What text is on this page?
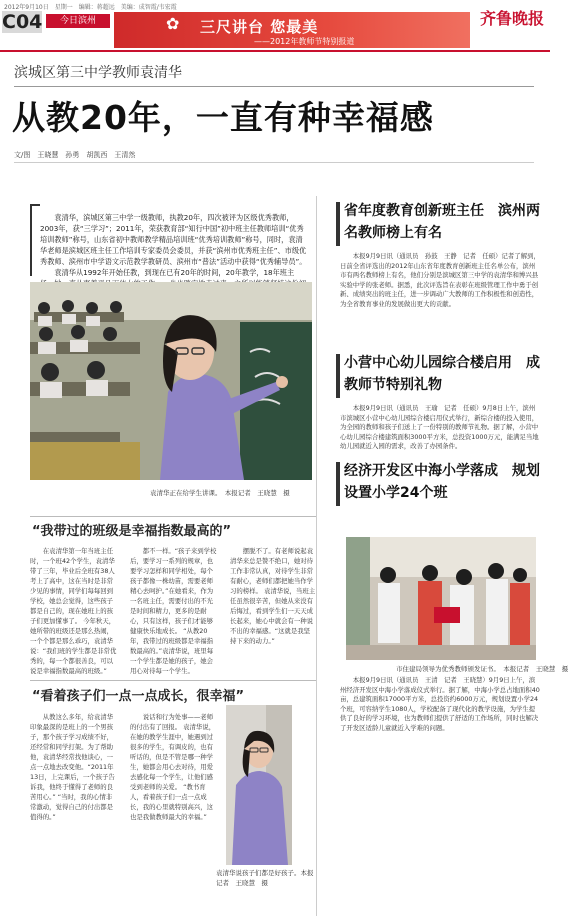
2012年9月10日　星期一　编辑：蒋超远　美编：成智霞/韦宏霞
C04	今日滨州	✿ 三尺讲台 您最美
——2012年教师节特别报道
齐鲁晚报
滨城区第三中学教师袁清华
从教20年，一直有种幸福感
文/图　王晓慧　孙勇　胡凯西　王清然

袁清华，滨城区第三中学一级教师，执教20年，四次被评为区级优秀教师，2003年，获“三学习”；2011年，荣获教育部“知行中国”初中班主任教师培训“优秀培训教师”称号，山东省初中教师教学精品培训班“优秀培训教师”称号，同时，袁清华老师是滨城区班主任工作培训专家委员会委员，并获“滨州市优秀班主任”、市级优秀教师、滨州市中学语文示范教学教研员、滨州市“普法”活动中获得“优秀辅导员”。

袁清华从1992年开始任教，到现在已有20年的时间，20年教学，18年班主

袁清华正在给学生讲课。　本报记者　王晓慧　摄
“我带过的班级是幸福指数最高的”

在袁清华第一年当班主任时，一个班42个学生，袁清华带了三年，毕业后全班有38人考上了高中，这在当时是非常少见的事情，同学们每每回到学校，她总会觉得，这些孩子都是自己的，现在她班上的孩子们更加懂事了。 今年秋天，她所带的班级还是那么热闹，一个个都是那么乖巧，袁清华说：“我们班的学生都是非常优秀的，每一个都很善良，可以说是幸福指数最高的班级。”

都不一样。“孩子来到学校后，要学习一系列的规章，也要学习怎样和同学相处，每个孩子都像一株幼苗，需要老师精心去呵护。”在她看来，作为一名班主任，需要付出的不光是时间和精力，更多的是耐心，只有这样，孩子们才能够健康快乐地成长。 “从教20年，我带过的班级都是幸福指数最高的。”袁清华说，班里每一个学生都是她的孩子，她会用心对待每一个学生。

摆脱不了。有老师说起袁清华来总是赞不绝口，她对待工作非常认真，对待学生非常有耐心，老师们都把她当作学习的榜样。 袁清华说，当班主任虽然很辛苦，但她从来没有后悔过，看到学生们一天天成长起来，她心中就会有一种说不出的幸福感。“这就是我坚持下来的动力。”

“看着孩子们一点一点成长，很幸福”

从教这么多年，给袁清华印象最深的是班上的一个男孩子，那个孩子学习成绩不好，还经常和同学打架。为了帮助他，袁清华经常找他谈心，一点一点地去改变他。“2011年13日，上完课后，一个孩子告诉我，他终于懂得了老师的良苦用心。” “当时，我的心情非常激动，觉得自己的付出都是值得的。”

说话和行为处事——老师的付出有了回报。 袁清华说，在她的教学生涯中，她遇到过很多的学生，有调皮的，也有听话的，但是不管是哪一种学生，她都会用心去对待，用爱去感化每一个学生，让他们感受到老师的关爱。 “教书育人，看着孩子们一点一点成长，我的心里就特别高兴，这也是我做教师最大的幸福。”

袁清华说孩子们都是好孩子。本报记者　王晓慧　摄
省年度教育创新班主任　滨州两名教师榜上有名

本报9月9日讯（通讯员　孙鼓　王静　记者　任硕）记者了解到，日前全省评选出的2012年山东省年度教育创新班主任名单公布，滨州市有两名教师榜上有名，他们分别是滨城区第三中学的袁清华和博兴县实验中学的张老师。据悉，此次评选旨在表彰在班级管理工作中勇于创新、成绩突出的班主任，进一步调动广大教师的工作积极性和创造性，为全省教育事业的发展做出更大的贡献。

小营中心幼儿园综合楼启用　成教师节特别礼物

本报9月9日讯（通讯员　王瑜　记者　任硕）9月8日上午，滨州市滨城区小营中心幼儿园综合楼启用仪式举行，新综合楼的投入使用，为全园的教师和孩子们送上了一份特别的教师节礼物。据了解，小营中心幼儿园综合楼建筑面积3000平方米，总投资1000万元，能满足当地幼儿园就近入园的需求，改善了办园条件。

经济开发区中海小学落成　规划设置小学24个班
市住建局领导为优秀教师颁发证书。　本报记者　王晓慧　摄

本报9月9日讯（通讯员　王清　记者　王晓慧）9月9日上午，滨州经济开发区中海小学落成仪式举行。据了解，中海小学总占地面积40亩，总建筑面积17000平方米，总投资约6000万元，规划设置小学24个班，可容纳学生1080人，学校配备了现代化的教学设施，为学生提供了良好的学习环境，也为教师们提供了舒适的工作场所，同时也解决了开发区适龄儿童就近入学难的问题。
